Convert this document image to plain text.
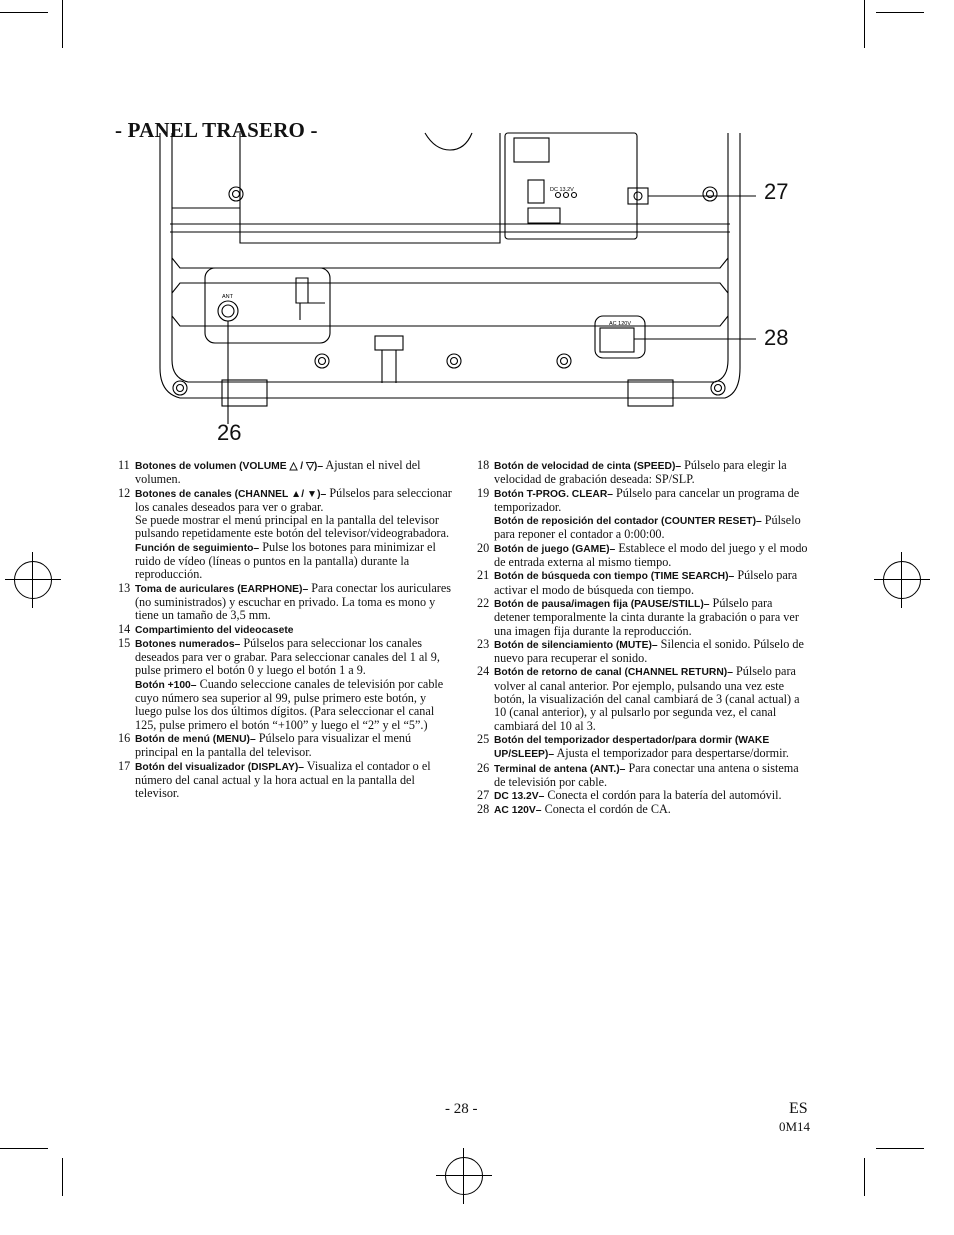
- PANEL TRASERO -
DC 13.2V
ANT
AC 120V
27
28
26
11 Botones de volumen (VOLUME △ / ▽)– Ajustan el nivel del volumen.
12 Botones de canales (CHANNEL ▲/ ▼)– Púlselos para seleccionar los canales deseados para ver o grabar.
Se puede mostrar el menú principal en la pantalla del televisor pulsando repetidamente este botón del televisor/videograbadora.
Función de seguimiento– Pulse los botones para minimizar el ruido de vídeo (líneas o puntos en la pantalla) durante la reproducción.
13 Toma de auriculares (EARPHONE)– Para conectar los auriculares (no suministrados) y escuchar en privado. La toma es mono y tiene un tamaño de 3,5 mm.
14 Compartimiento del videocasete
15 Botones numerados– Púlselos para seleccionar los canales deseados para ver o grabar. Para seleccionar canales del 1 al 9, pulse primero el botón 0 y luego el botón 1 a 9.
Botón +100– Cuando seleccione canales de televisión por cable cuyo número sea superior al 99, pulse primero este botón, y luego pulse los dos últimos dígitos. (Para seleccionar el canal 125, pulse primero el botón “+100” y luego el “2” y el “5”.)
16 Botón de menú (MENU)– Púlselo para visualizar el menú principal en la pantalla del televisor.
17 Botón del visualizador (DISPLAY)– Visualiza el contador o el número del canal actual y la hora actual en la pantalla del televisor.
18 Botón de velocidad de cinta (SPEED)– Púlselo para elegir la velocidad de grabación deseada: SP/SLP.
19 Botón T-PROG. CLEAR– Púlselo para cancelar un programa de temporizador.
Botón de reposición del contador (COUNTER RESET)– Púlselo para reponer el contador a 0:00:00.
20 Botón de juego (GAME)– Establece el modo del juego y el modo de entrada externa al mismo tiempo.
21 Botón de búsqueda con tiempo (TIME SEARCH)– Púlselo para activar el modo de búsqueda con tiempo.
22 Botón de pausa/imagen fija (PAUSE/STILL)– Púlselo para detener temporalmente la cinta durante la grabación o para ver una imagen fija durante la reproducción.
23 Botón de silenciamiento (MUTE)– Silencia el sonido. Púlselo de nuevo para recuperar el sonido.
24 Botón de retorno de canal (CHANNEL RETURN)– Púlselo para volver al canal anterior. Por ejemplo, pulsando una vez este botón, la visualización del canal cambiará de 3 (canal actual) a 10 (canal anterior), y al pulsarlo por segunda vez, el canal cambiará del 10 al 3.
25 Botón del temporizador despertador/para dormir (WAKE UP/SLEEP)– Ajusta el temporizador para despertarse/dormir.
26 Terminal de antena (ANT.)– Para conectar una antena o sistema de televisión por cable.
27 DC 13.2V– Conecta el cordón para la batería del automóvil.
28 AC 120V– Conecta el cordón de CA.
- 28 -	ES
0M14
